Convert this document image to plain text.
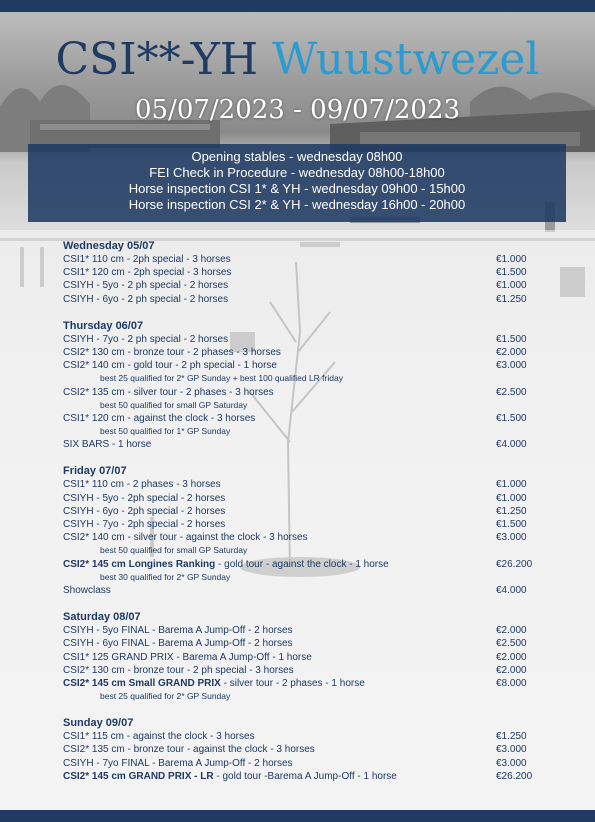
CSI**-YH Wuustwezel
05/07/2023 - 09/07/2023
Opening stables - wednesday 08h00
FEI Check in Procedure - wednesday 08h00-18h00
Horse inspection CSI 1* & YH - wednesday 09h00 - 15h00
Horse inspection CSI 2* & YH - wednesday 16h00 - 20h00
Wednesday 05/07
CSI1* 110 cm - 2ph special - 3 horses	€1.000
CSI1* 120 cm - 2ph special - 3 horses	€1.500
CSIYH - 5yo - 2 ph special - 2 horses	€1.000
CSIYH - 6yo - 2 ph special - 2 horses	€1.250
Thursday 06/07
CSIYH - 7yo - 2 ph special - 2 horses	€1.500
CSI2* 130 cm - bronze tour - 2 phases - 3 horses	€2.000
CSI2* 140 cm - gold tour - 2 ph special - 1 horse	€3.000
best 25 qualified for 2* GP Sunday + best 100 qualified LR friday
CSI2* 135 cm - silver tour - 2 phases - 3 horses	€2.500
best 50 qualified for small GP Saturday
CSI1* 120 cm - against the clock - 3 horses	€1.500
best 50 qualified for 1* GP Sunday
SIX BARS - 1 horse	€4.000
Friday 07/07
CSI1* 110 cm - 2 phases - 3 horses	€1.000
CSIYH - 5yo - 2ph special - 2 horses	€1.000
CSIYH - 6yo - 2ph special - 2 horses	€1.250
CSIYH - 7yo - 2ph special - 2 horses	€1.500
CSI2* 140 cm - silver tour - against the clock - 3 horses	€3.000
best 50 qualified for small GP Saturday
CSI2* 145 cm Longines Ranking - gold tour - against the clock - 1 horse	€26.200
best 30 qualified for 2* GP Sunday
Showclass	€4.000
Saturday 08/07
CSIYH - 5yo FINAL - Barema A Jump-Off - 2 horses	€2.000
CSIYH - 6yo FINAL - Barema A Jump-Off - 2 horses	€2.500
CSI1* 125 GRAND PRIX - Barema A Jump-Off - 1 horse	€2.000
CSI2* 130 cm - bronze tour - 2 ph special - 3 horses	€2.000
CSI2* 145 cm Small GRAND PRIX - silver tour - 2 phases - 1 horse	€8.000
best 25 qualified for 2* GP Sunday
Sunday 09/07
CSI1* 115 cm - against the clock - 3 horses	€1.250
CSI2* 135 cm - bronze tour - against the clock - 3 horses	€3.000
CSIYH - 7yo FINAL - Barema A Jump-Off - 2 horses	€3.000
CSI2* 145 cm GRAND PRIX - LR - gold tour -Barema A Jump-Off - 1 horse	€26.200
